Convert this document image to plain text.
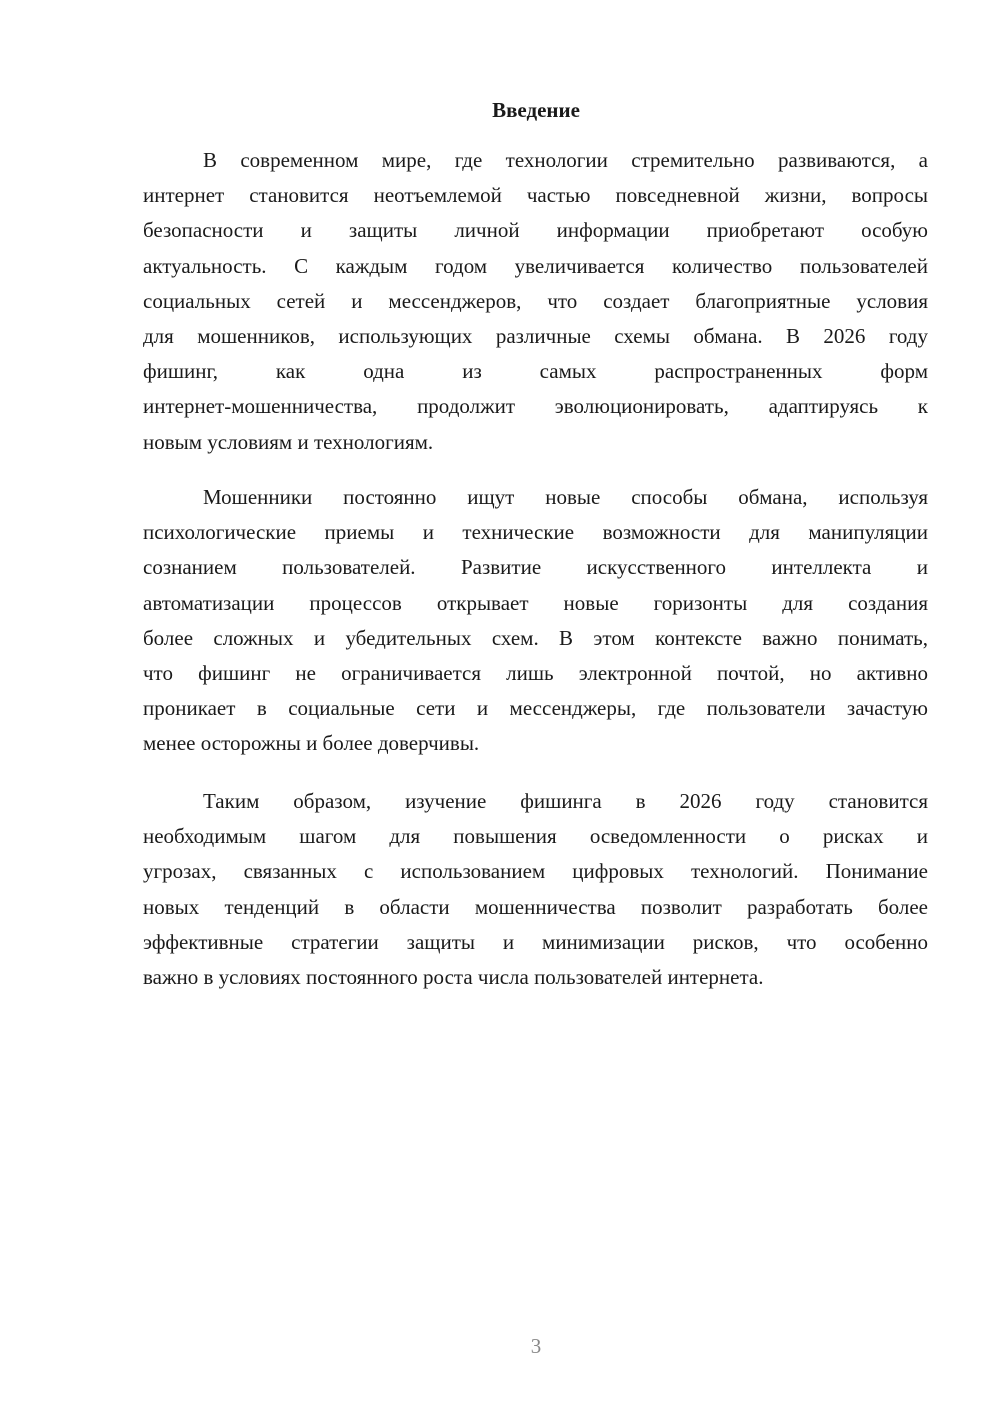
Введение
В современном мире, где технологии стремительно развиваются, а
интернет становится неотъемлемой частью повседневной жизни, вопросы
безопасности и защиты личной информации приобретают особую
актуальность. С каждым годом увеличивается количество пользователей
социальных сетей и мессенджеров, что создает благоприятные условия
для мошенников, использующих различные схемы обмана. В 2026 году
фишинг, как одна из самых распространенных форм
интернет-мошенничества, продолжит эволюционировать, адаптируясь к
новым условиям и технологиям.
Мошенники постоянно ищут новые способы обмана, используя
психологические приемы и технические возможности для манипуляции
сознанием пользователей. Развитие искусственного интеллекта и
автоматизации процессов открывает новые горизонты для создания
более сложных и убедительных схем. В этом контексте важно понимать,
что фишинг не ограничивается лишь электронной почтой, но активно
проникает в социальные сети и мессенджеры, где пользователи зачастую
менее осторожны и более доверчивы.
Таким образом, изучение фишинга в 2026 году становится
необходимым шагом для повышения осведомленности о рисках и
угрозах, связанных с использованием цифровых технологий. Понимание
новых тенденций в области мошенничества позволит разработать более
эффективные стратегии защиты и минимизации рисков, что особенно
важно в условиях постоянного роста числа пользователей интернета.
3
